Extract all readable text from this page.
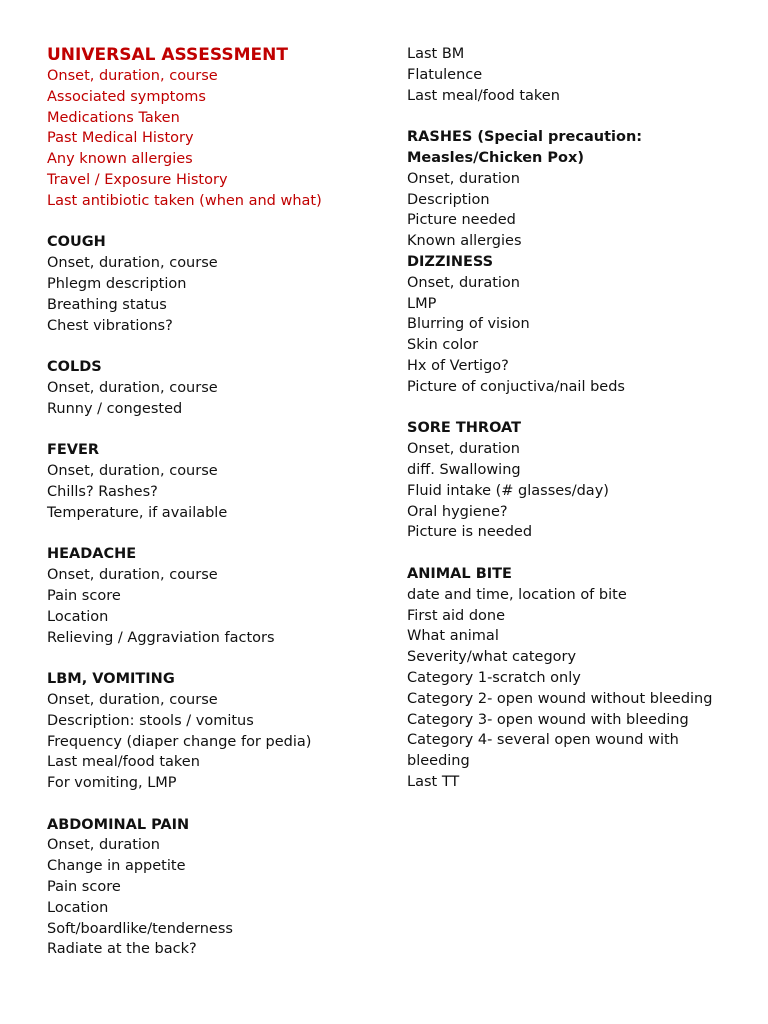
UNIVERSAL ASSESSMENT
Onset, duration, course
Associated symptoms
Medications Taken
Past Medical History
Any known allergies
Travel / Exposure History
Last antibiotic taken (when and what)
COUGH
Onset, duration, course
Phlegm description
Breathing status
Chest vibrations?
COLDS
Onset, duration, course
Runny / congested
FEVER
Onset, duration, course
Chills? Rashes?
Temperature, if available
HEADACHE
Onset, duration, course
Pain score
Location
Relieving / Aggraviation factors
LBM, VOMITING
Onset, duration, course
Description: stools / vomitus
Frequency (diaper change for pedia)
Last meal/food taken
For vomiting, LMP
ABDOMINAL PAIN
Onset, duration
Change in appetite
Pain score
Location
Soft/boardlike/tenderness
Radiate at the back?
Last BM
Flatulence
Last meal/food taken
RASHES (Special precaution:
Measles/Chicken Pox)
Onset, duration
Description
Picture needed
Known allergies
DIZZINESS
Onset, duration
LMP
Blurring of vision
Skin color
Hx of Vertigo?
Picture of conjuctiva/nail beds
SORE THROAT
Onset, duration
diff. Swallowing
Fluid intake (# glasses/day)
Oral hygiene?
Picture is needed
ANIMAL BITE
date and time, location of bite
First aid done
What animal
Severity/what category
Category 1-scratch only
Category 2- open wound without bleeding
Category 3- open wound with bleeding
Category 4- several open wound with
bleeding
Last TT
